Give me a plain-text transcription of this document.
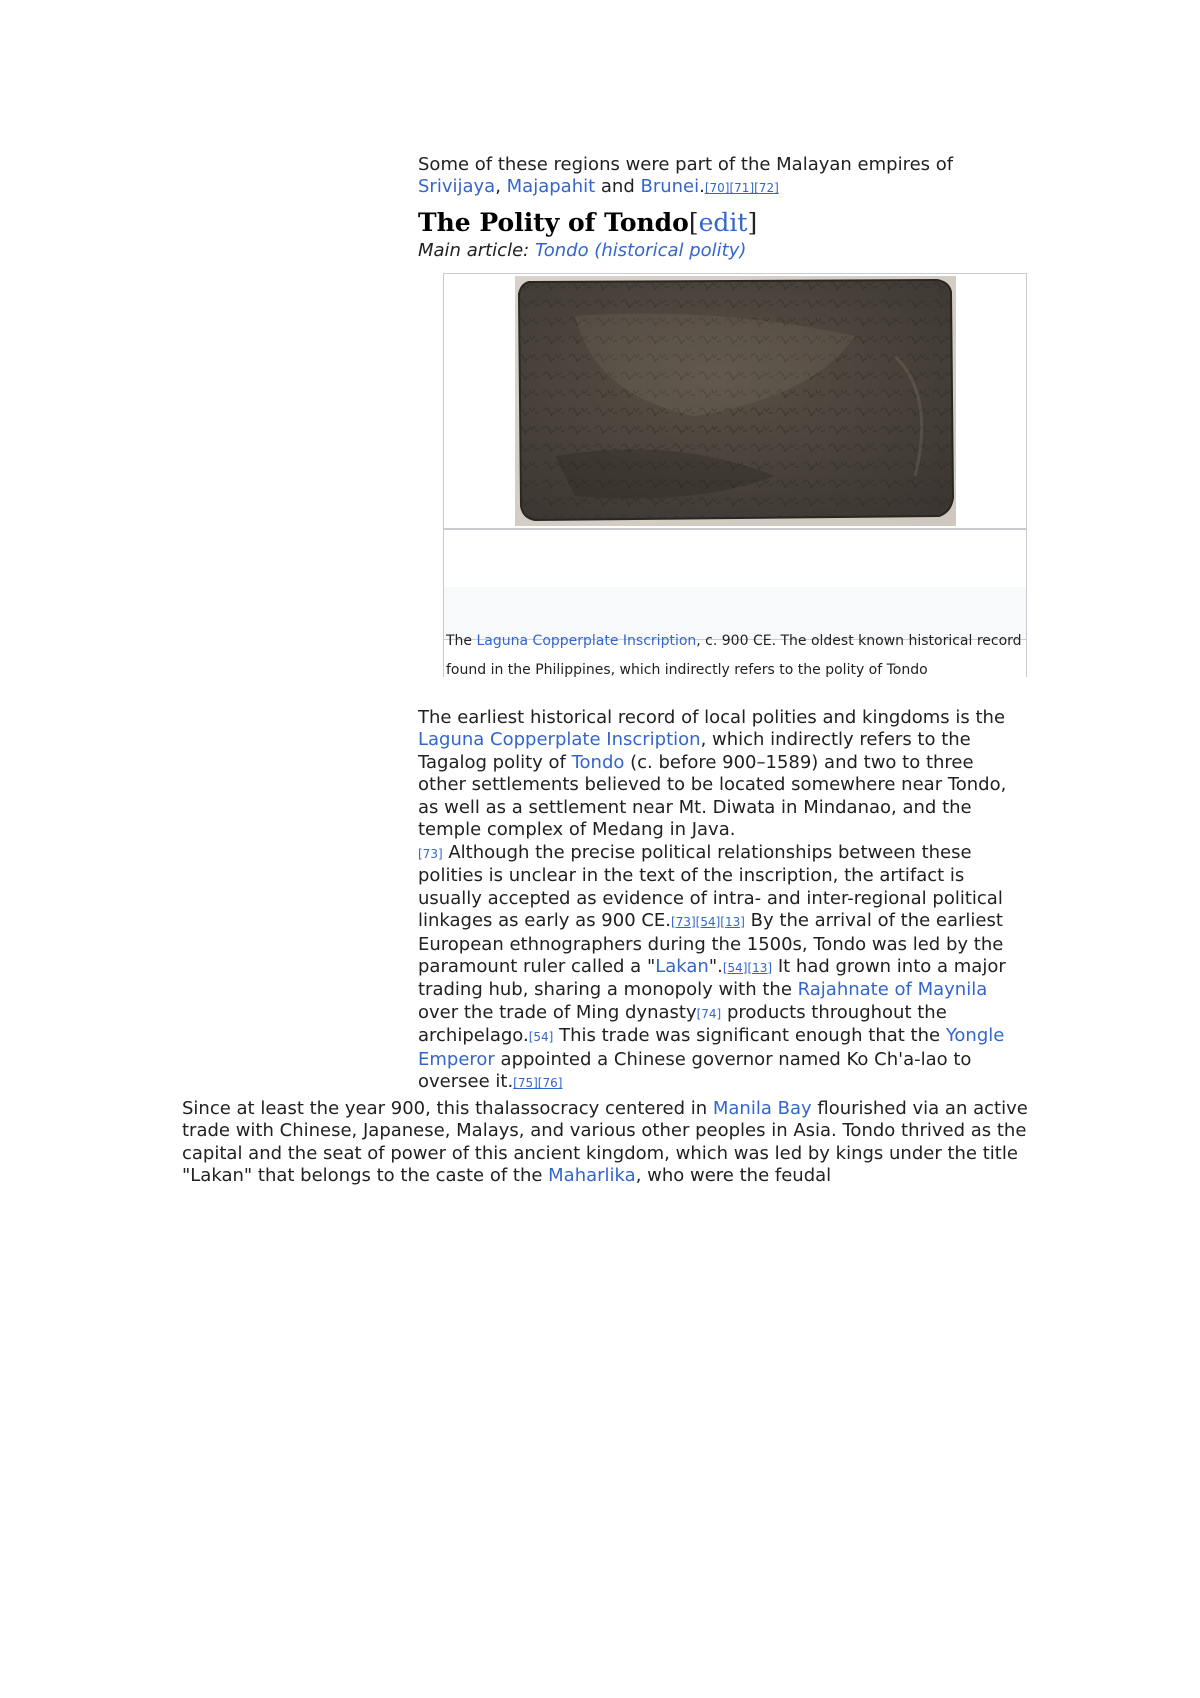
Some of these regions were part of the Malayan empires of Srivijaya, Majapahit and Brunei.[70][71][72]
The Polity of Tondo[edit]
Main article: Tondo (historical polity)
The Laguna Copperplate Inscription, c. 900 CE. The oldest known historical record found in the Philippines, which indirectly refers to the polity of Tondo
The earliest historical record of local polities and kingdoms is the Laguna Copperplate Inscription, which indirectly refers to the Tagalog polity of Tondo (c. before 900–1589) and two to three other settlements believed to be located somewhere near Tondo, as well as a settlement near Mt. Diwata in Mindanao, and the temple complex of Medang in Java.
[73] Although the precise political relationships between these polities is unclear in the text of the inscription, the artifact is usually accepted as evidence of intra- and inter-regional political linkages as early as 900 CE.[73][54][13] By the arrival of the earliest European ethnographers during the 1500s, Tondo was led by the paramount ruler called a "Lakan".[54][13] It had grown into a major trading hub, sharing a monopoly with the Rajahnate of Maynila over the trade of Ming dynasty[74] products throughout the archipelago.[54] This trade was significant enough that the Yongle Emperor appointed a Chinese governor named Ko Ch'a-lao to oversee it.[75][76]
Since at least the year 900, this thalassocracy centered in Manila Bay flourished via an active trade with Chinese, Japanese, Malays, and various other peoples in Asia. Tondo thrived as the capital and the seat of power of this ancient kingdom, which was led by kings under the title "Lakan" that belongs to the caste of the Maharlika, who were the feudal
